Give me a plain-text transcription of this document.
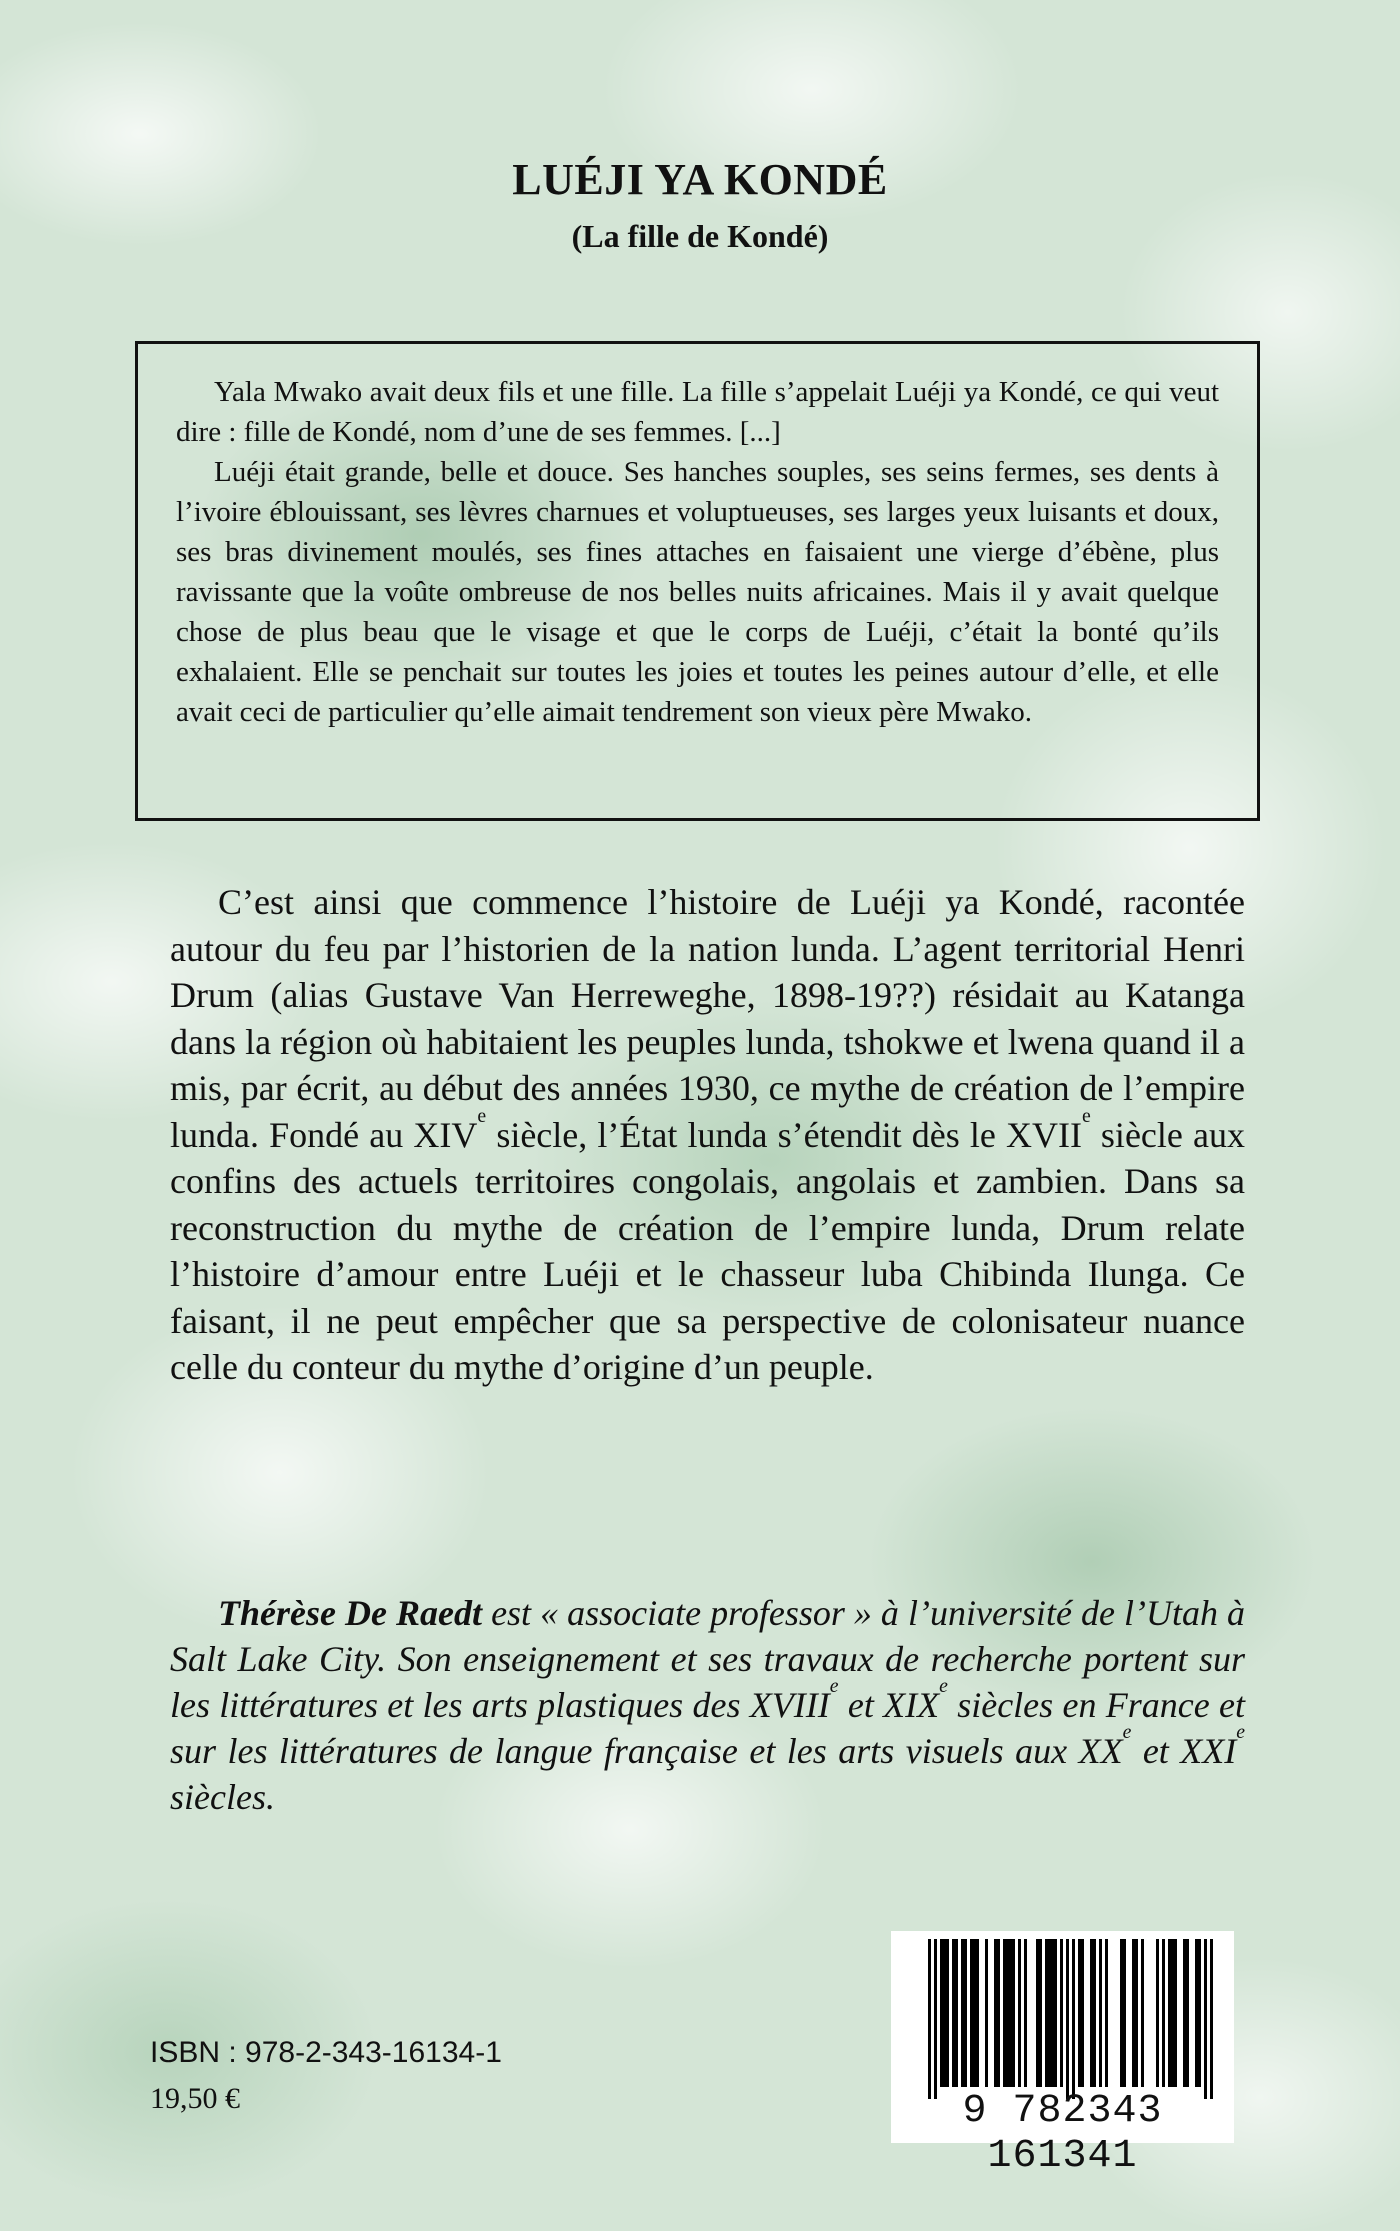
LUÉJI YA KONDÉ
(La fille de Kondé)

Yala Mwako avait deux fils et une fille. La fille s’appelait Luéji ya Kondé, ce qui veut dire : fille de Kondé, nom d’une de ses femmes. [...]

Luéji était grande, belle et douce. Ses hanches souples, ses seins fermes, ses dents à l’ivoire éblouissant, ses lèvres charnues et voluptueuses, ses larges yeux luisants et doux, ses bras divinement moulés, ses fines attaches en faisaient une vierge d’ébène, plus ravissante que la voûte ombreuse de nos belles nuits africaines. Mais il y avait quelque chose de plus beau que le visage et que le corps de Luéji, c’était la bonté qu’ils exhalaient. Elle se penchait sur toutes les joies et toutes les peines autour d’elle, et elle avait ceci de particulier qu’elle aimait tendrement son vieux père Mwako.

C’est ainsi que commence l’histoire de Luéji ya Kondé, racontée autour du feu par l’historien de la nation lunda. L’agent territorial Henri Drum (alias Gustave Van Herreweghe, 1898-19??) résidait au Katanga dans la région où habitaient les peuples lunda, tshokwe et lwena quand il a mis, par écrit, au début des années 1930, ce mythe de création de l’empire lunda. Fondé au XIVe siècle, l’État lunda s’étendit dès le XVIIe siècle aux confins des actuels territoires congolais, angolais et zambien. Dans sa reconstruction du mythe de création de l’empire lunda, Drum relate l’histoire d’amour entre Luéji et le chasseur luba Chibinda Ilunga. Ce faisant, il ne peut empêcher que sa perspective de colonisateur nuance celle du conteur du mythe d’origine d’un peuple.

Thérèse De Raedt est « associate professor » à l’université de l’Utah à Salt Lake City. Son enseignement et ses travaux de recherche portent sur les littératures et les arts plastiques des XVIIIe et XIXe siècles en France et sur les littératures de langue française et les arts visuels aux XXe et XXIe siècles.

ISBN : 978-2-343-16134-1

19,50 €	9 782343 161341
